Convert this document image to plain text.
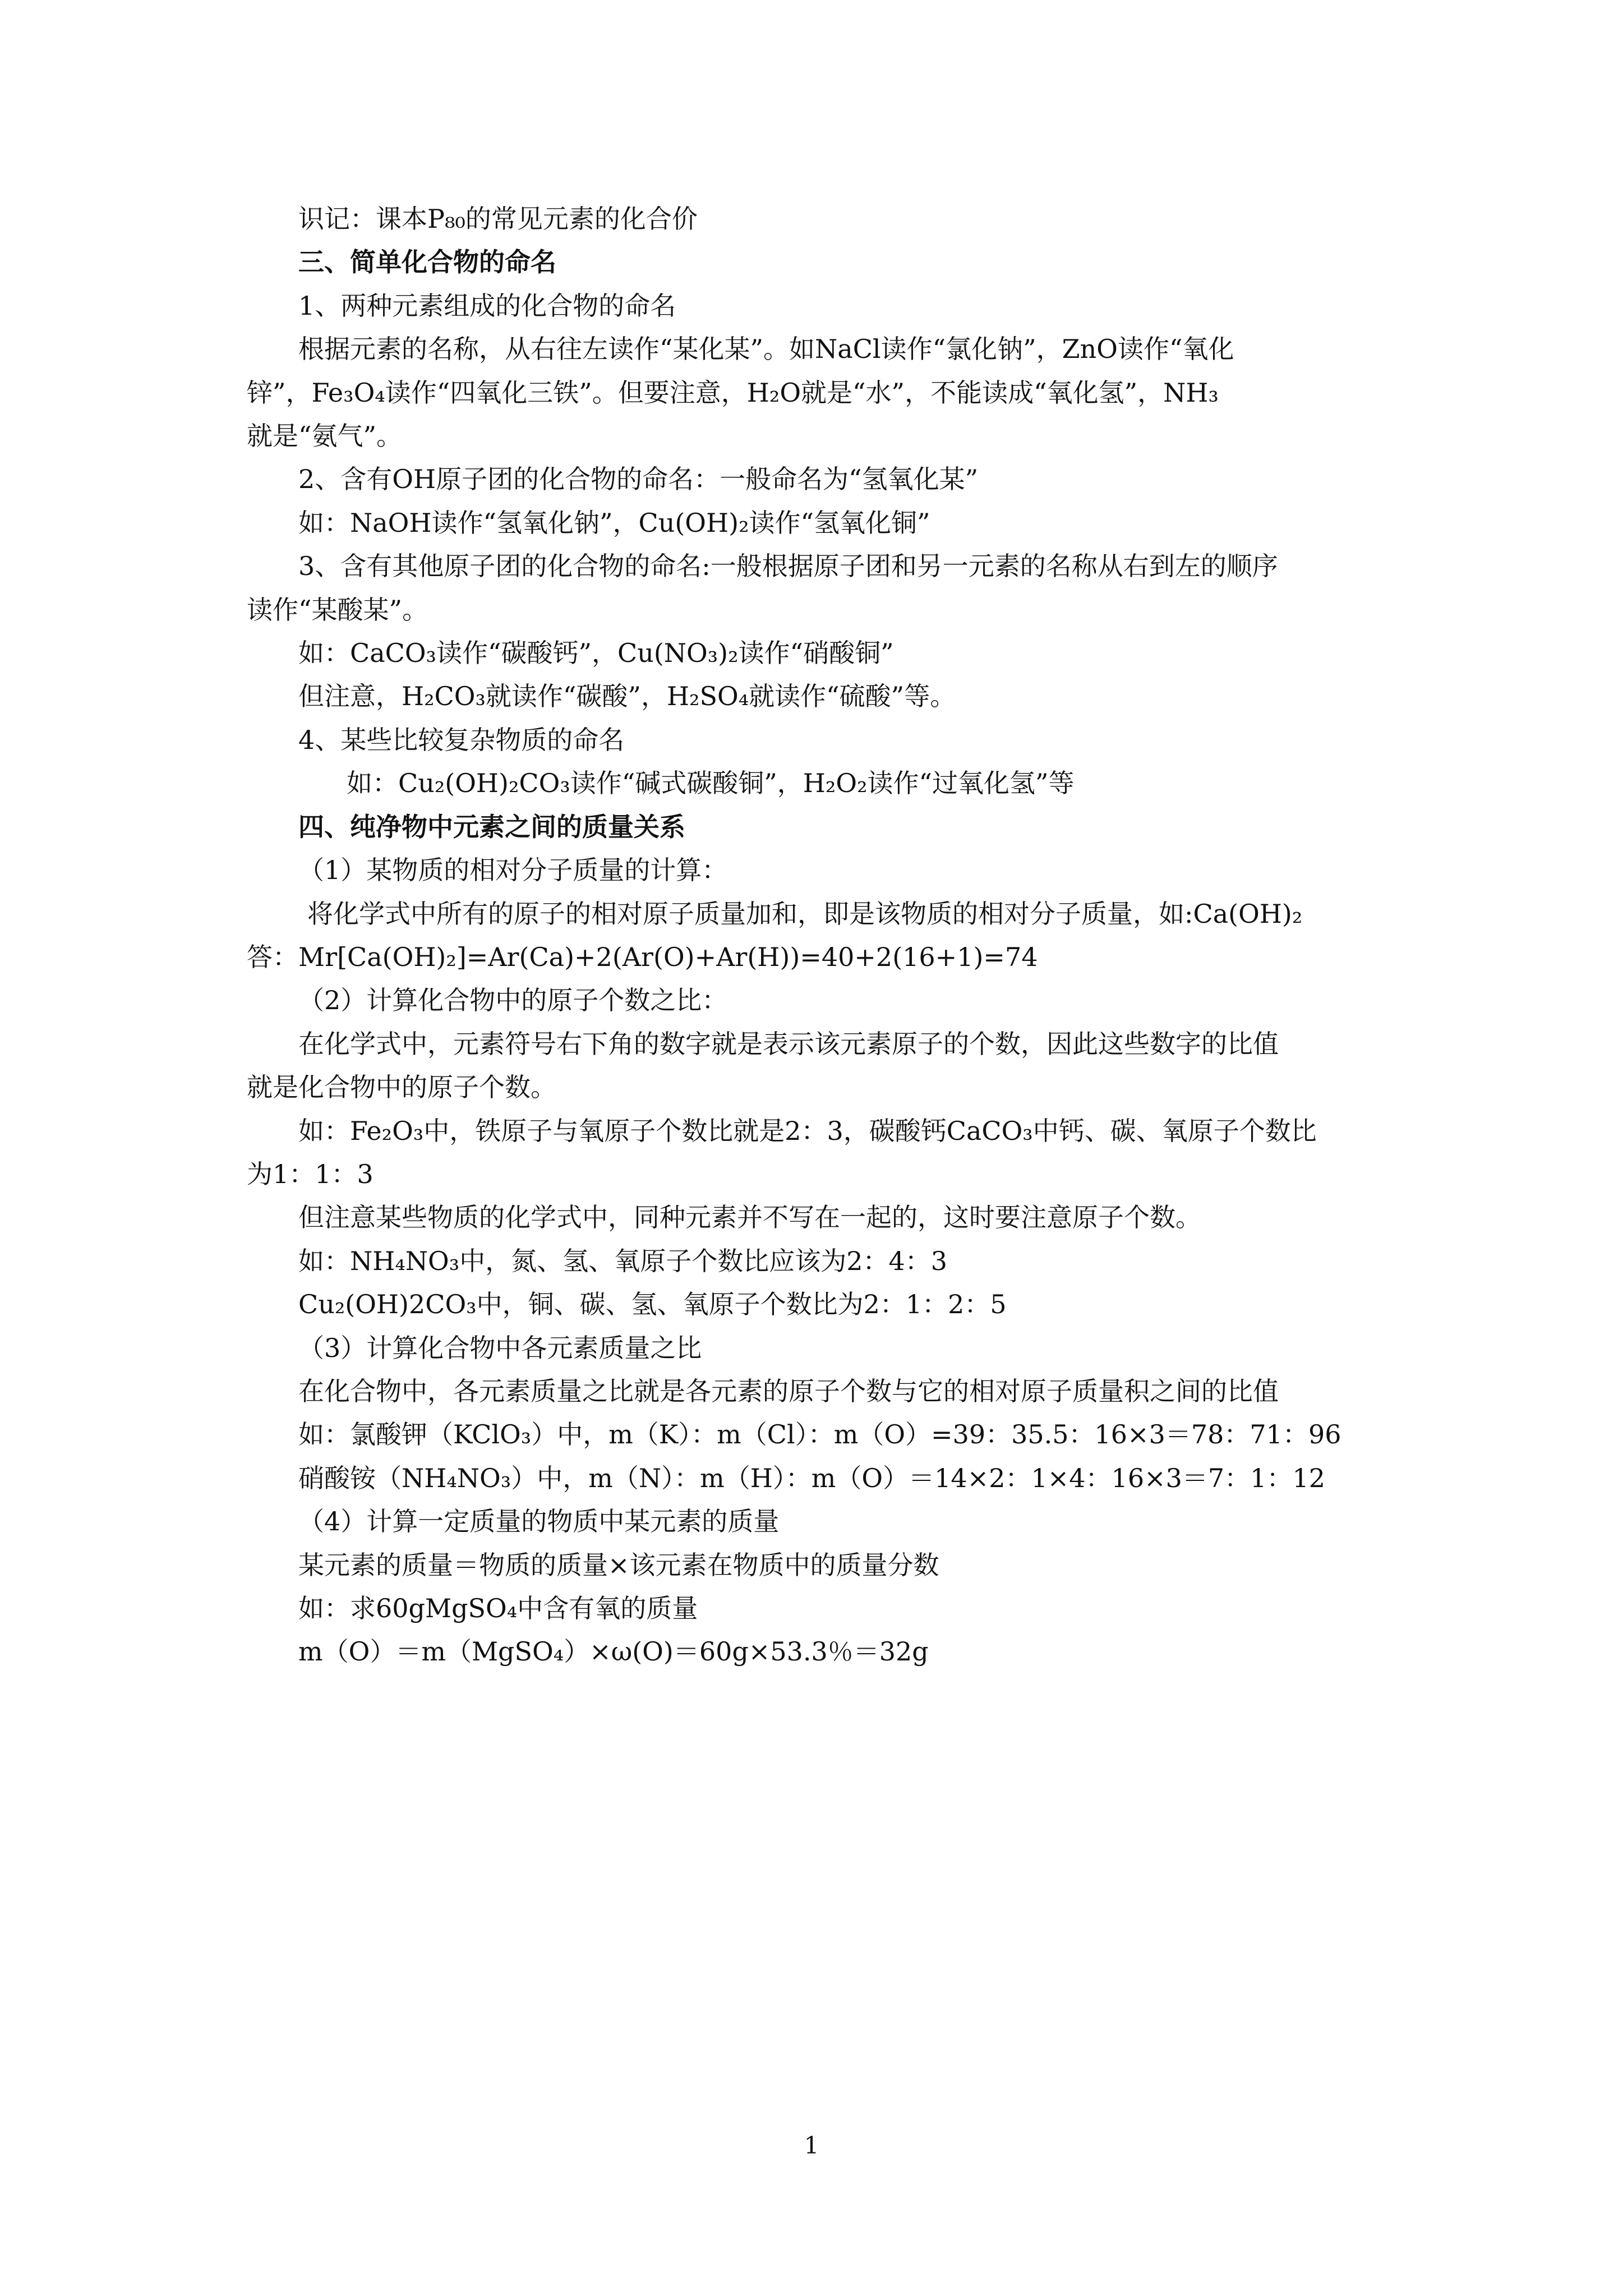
识记：课本P₈₀的常见元素的化合价

三、简单化合物的命名

1、两种元素组成的化合物的命名

根据元素的名称，从右往左读作“某化某”。如NaCl读作“氯化钠”，ZnO读作“氧化

锌”，Fe₃O₄读作“四氧化三铁”。但要注意，H₂O就是“水”，不能读成“氧化氢”，NH₃

就是“氨气”。

2、含有OH原子团的化合物的命名：一般命名为“氢氧化某”

如：NaOH读作“氢氧化钠”，Cu(OH)₂读作“氢氧化铜”

3、含有其他原子团的化合物的命名:一般根据原子团和另一元素的名称从右到左的顺序

读作“某酸某”。

如：CaCO₃读作“碳酸钙”，Cu(NO₃)₂读作“硝酸铜”

但注意，H₂CO₃就读作“碳酸”，H₂SO₄就读作“硫酸”等。

4、某些比较复杂物质的命名

如：Cu₂(OH)₂CO₃读作“碱式碳酸铜”，H₂O₂读作“过氧化氢”等

四、纯净物中元素之间的质量关系

（1）某物质的相对分子质量的计算：

将化学式中所有的原子的相对原子质量加和，即是该物质的相对分子质量，如:Ca(OH)₂

答：Mr[Ca(OH)₂]=Ar(Ca)+2(Ar(O)+Ar(H))=40+2(16+1)=74

（2）计算化合物中的原子个数之比：

在化学式中，元素符号右下角的数字就是表示该元素原子的个数，因此这些数字的比值

就是化合物中的原子个数。

如：Fe₂O₃中，铁原子与氧原子个数比就是2：3，碳酸钙CaCO₃中钙、碳、氧原子个数比

为1：1：3

但注意某些物质的化学式中，同种元素并不写在一起的，这时要注意原子个数。

如：NH₄NO₃中，氮、氢、氧原子个数比应该为2：4：3

Cu₂(OH)2CO₃中，铜、碳、氢、氧原子个数比为2：1：2：5

（3）计算化合物中各元素质量之比

在化合物中，各元素质量之比就是各元素的原子个数与它的相对原子质量积之间的比值

如：氯酸钾（KClO₃）中，m（K）：m（Cl）：m（O）=39：35.5：16×3＝78：71：96

硝酸铵（NH₄NO₃）中，m（N）：m（H）：m（O）＝14×2：1×4：16×3＝7：1：12

（4）计算一定质量的物质中某元素的质量

某元素的质量＝物质的质量×该元素在物质中的质量分数

如：求60gMgSO₄中含有氧的质量

m（O）＝m（MgSO₄）×ω(O)＝60g×53.3％＝32g

1
